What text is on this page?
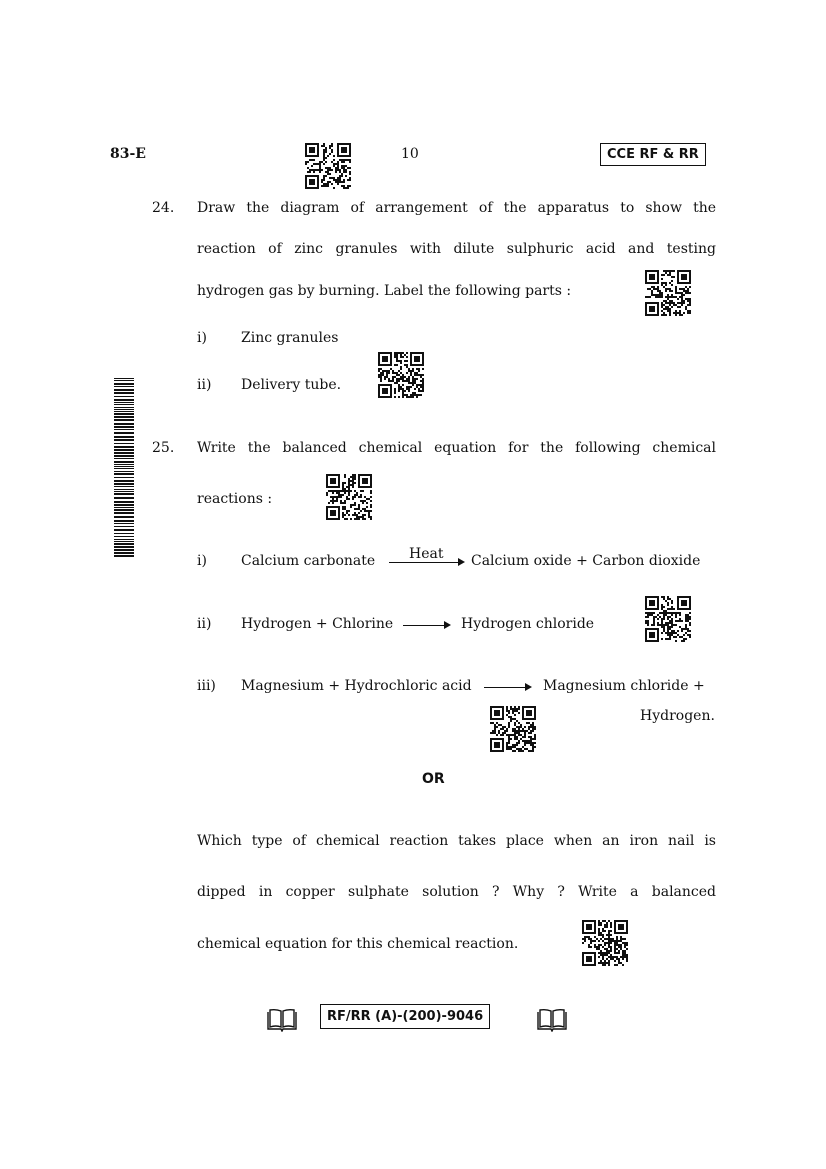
83-E	10	CCE RF & RR
24. Draw the diagram of arrangement of the apparatus to show the
reaction of zinc granules with dilute sulphuric acid and testing
hydrogen gas by burning. Label the following parts :
i) Zinc granules
ii) Delivery tube.
25. Write the balanced chemical equation for the following chemical
reactions :
i) Calcium carbonate Heat Calcium oxide + Carbon dioxide
ii) Hydrogen + Chlorine → Hydrogen chloride
iii) Magnesium + Hydrochloric acid → Magnesium chloride +
Hydrogen.
OR
Which type of chemical reaction takes place when an iron nail is
dipped in copper sulphate solution ? Why ? Write a balanced
chemical equation for this chemical reaction.
RF/RR (A)-(200)-9046
